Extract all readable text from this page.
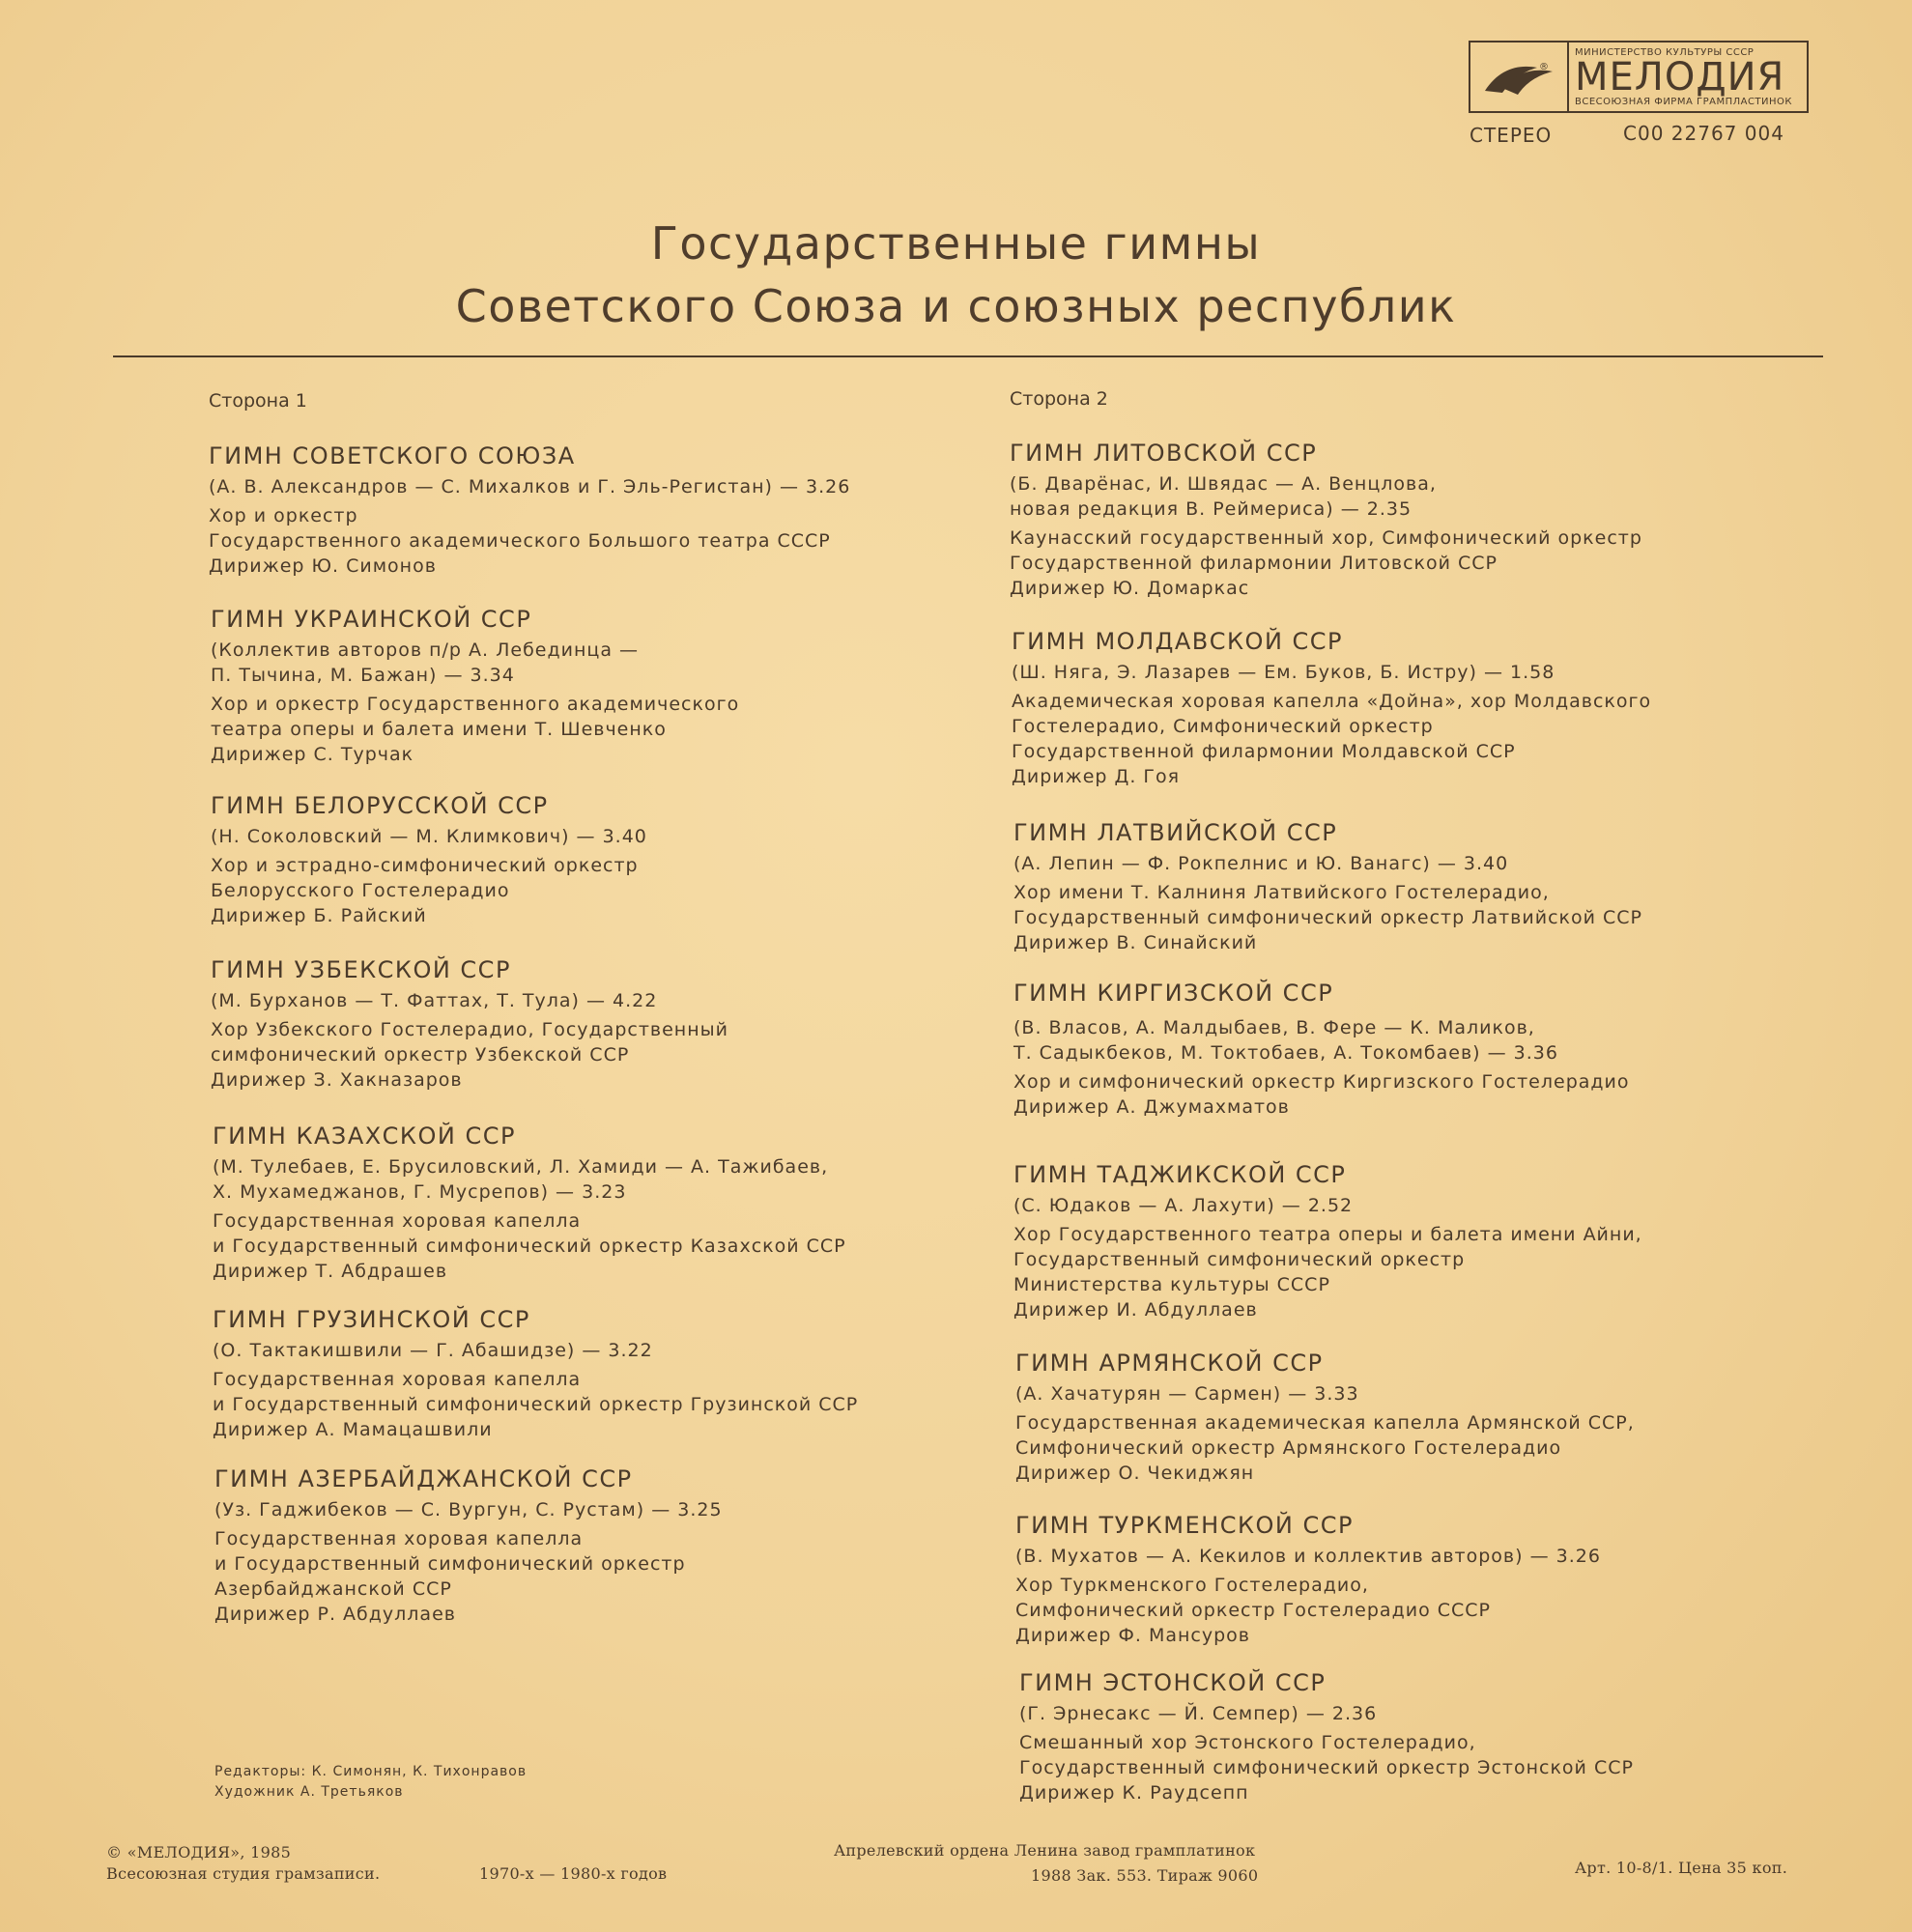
®
МИНИСТЕРСТВО КУЛЬТУРЫ СССР
МЕЛОДИЯ
ВСЕСОЮЗНАЯ ФИРМА ГРАМПЛАСТИНОК
СТЕРЕО	С00 22767 004
Государственные гимны
Советского Союза и союзных республик
Сторона 1	Сторона 2
ГИМН СОВЕТСКОГО СОЮЗА
(А. В. Александров — С. Михалков и Г. Эль-Регистан) — 3.26
Хор и оркестр
Государственного академического Большого театра СССР
Дирижер Ю. Симонов
ГИМН УКРАИНСКОЙ ССР
(Коллектив авторов п/р А. Лебединца —
П. Тычина, М. Бажан) — 3.34
Хор и оркестр Государственного академического
театра оперы и балета имени Т. Шевченко
Дирижер С. Турчак
ГИМН БЕЛОРУССКОЙ ССР
(Н. Соколовский — М. Климкович) — 3.40
Хор и эстрадно-симфонический оркестр
Белорусского Гостелерадио
Дирижер Б. Райский
ГИМН УЗБЕКСКОЙ ССР
(М. Бурханов — Т. Фаттах, Т. Тула) — 4.22
Хор Узбекского Гостелерадио, Государственный
симфонический оркестр Узбекской ССР
Дирижер З. Хакназаров
ГИМН КАЗАХСКОЙ ССР
(М. Тулебаев, Е. Брусиловский, Л. Хамиди — А. Тажибаев,
Х. Мухамеджанов, Г. Мусрепов) — 3.23
Государственная хоровая капелла
и Государственный симфонический оркестр Казахской ССР
Дирижер Т. Абдрашев
ГИМН ГРУЗИНСКОЙ ССР
(О. Тактакишвили — Г. Абашидзе) — 3.22
Государственная хоровая капелла
и Государственный симфонический оркестр Грузинской ССР
Дирижер А. Мамацашвили
ГИМН АЗЕРБАЙДЖАНСКОЙ ССР
(Уз. Гаджибеков — С. Вургун, С. Рустам) — 3.25
Государственная хоровая капелла
и Государственный симфонический оркестр
Азербайджанской ССР
Дирижер Р. Абдуллаев
ГИМН ЛИТОВСКОЙ ССР
(Б. Дварёнас, И. Швядас — А. Венцлова,
новая редакция В. Реймериса) — 2.35
Каунасский государственный хор, Симфонический оркестр
Государственной филармонии Литовской ССР
Дирижер Ю. Домаркас
ГИМН МОЛДАВСКОЙ ССР
(Ш. Няга, Э. Лазарев — Ем. Буков, Б. Истру) — 1.58
Академическая хоровая капелла «Дойна», хор Молдавского
Гостелерадио, Симфонический оркестр
Государственной филармонии Молдавской ССР
Дирижер Д. Гоя
ГИМН ЛАТВИЙСКОЙ ССР
(А. Лепин — Ф. Рокпелнис и Ю. Ванагс) — 3.40
Хор имени Т. Калниня Латвийского Гостелерадио,
Государственный симфонический оркестр Латвийской ССР
Дирижер В. Синайский
ГИМН КИРГИЗСКОЙ ССР
(В. Власов, А. Малдыбаев, В. Фере — К. Маликов,
Т. Садыкбеков, М. Токтобаев, А. Токомбаев) — 3.36
Хор и симфонический оркестр Киргизского Гостелерадио
Дирижер А. Джумахматов
ГИМН ТАДЖИКСКОЙ ССР
(С. Юдаков — А. Лахути) — 2.52
Хор Государственного театра оперы и балета имени Айни,
Государственный симфонический оркестр
Министерства культуры СССР
Дирижер И. Абдуллаев
ГИМН АРМЯНСКОЙ ССР
(А. Хачатурян — Сармен) — 3.33
Государственная академическая капелла Армянской ССР,
Симфонический оркестр Армянского Гостелерадио
Дирижер О. Чекиджян
ГИМН ТУРКМЕНСКОЙ ССР
(В. Мухатов — А. Кекилов и коллектив авторов) — 3.26
Хор Туркменского Гостелерадио,
Симфонический оркестр Гостелерадио СССР
Дирижер Ф. Мансуров
ГИМН ЭСТОНСКОЙ ССР
(Г. Эрнесакс — Й. Семпер) — 2.36
Смешанный хор Эстонского Гостелерадио,
Государственный симфонический оркестр Эстонской ССР
Дирижер К. Раудсепп
Редакторы: К. Симонян, К. Тихонравов
Художник А. Третьяков
© «МЕЛОДИЯ», 1985
Всесоюзная студия грамзаписи.	1970-х — 1980-х годов
Апрелевский ордена Ленина завод грамплатинок
1988 Зак. 553. Тираж 9060	Арт. 10-8/1. Цена 35 коп.
